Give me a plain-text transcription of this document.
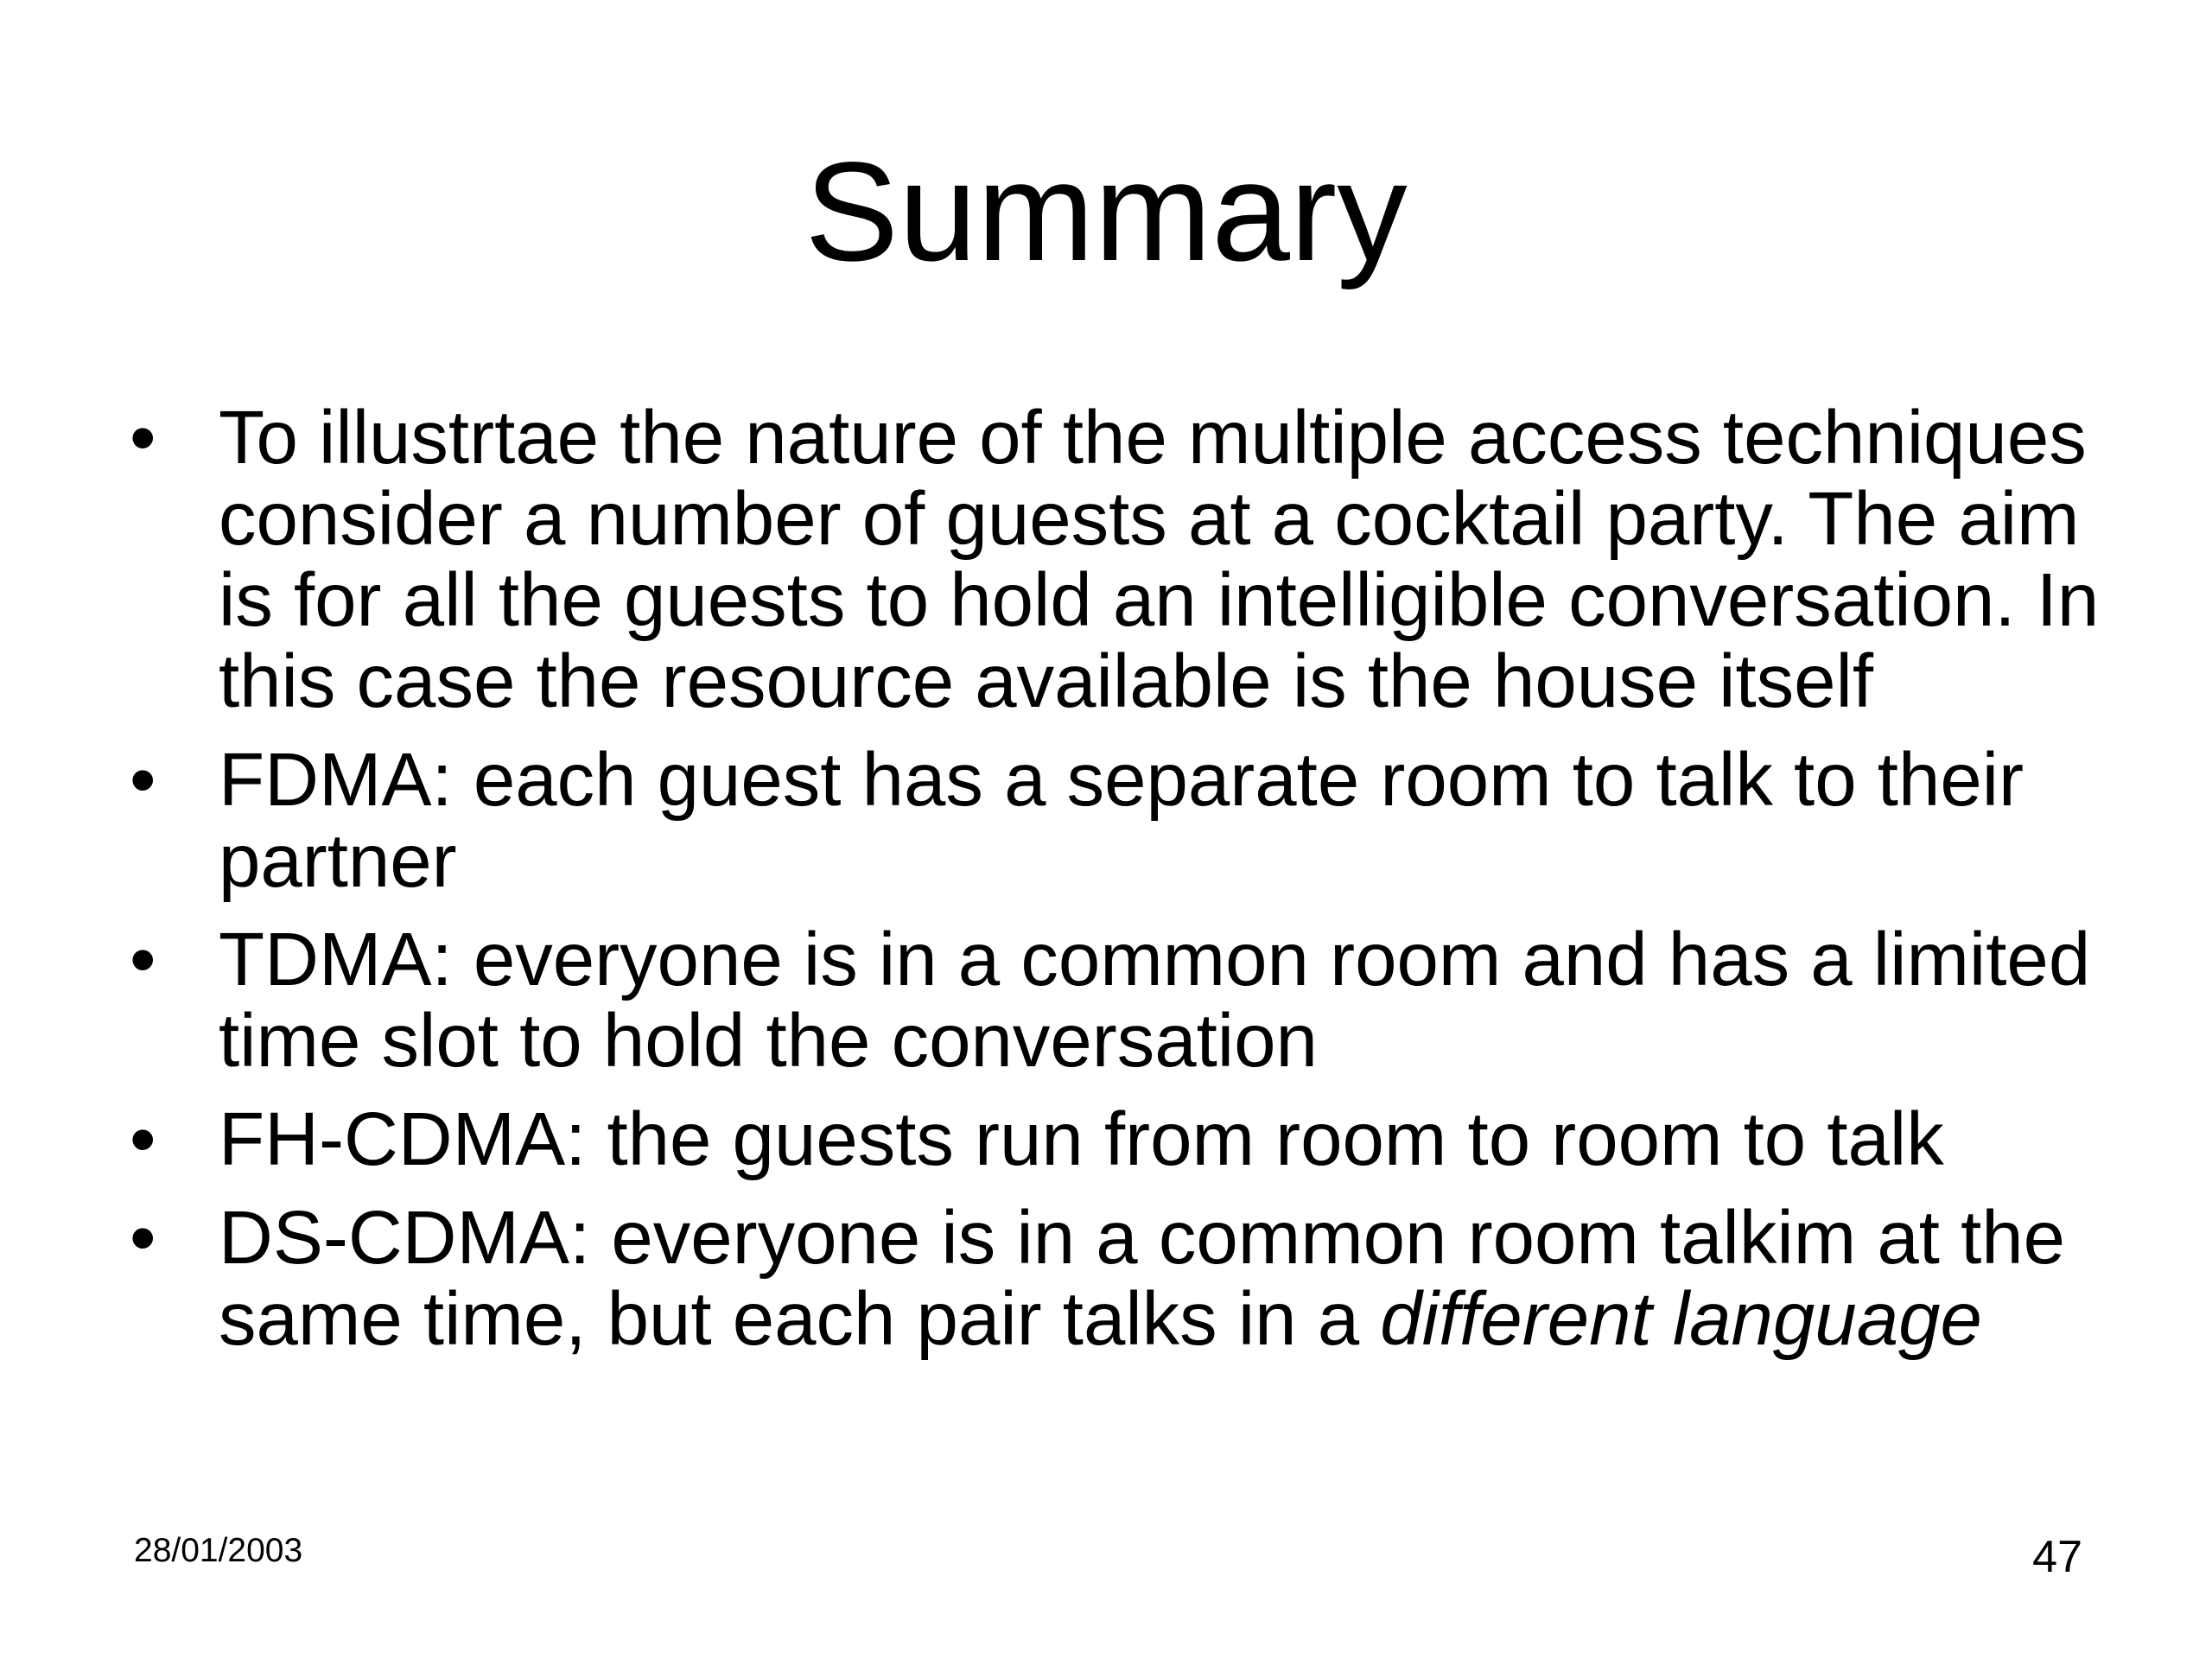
Summary
• To illustrtae the nature of the multiple access techniques consider a number of guests at a cocktail party. The aim is for all the guests to hold an intelligible conversation. In this case the resource available is the house itself
• FDMA: each guest has a separate room to talk to their partner
• TDMA: everyone is in a common room and has a limited time slot to hold the conversation
• FH-CDMA: the guests run from room to room to talk
• DS-CDMA: everyone is in a common room talkim at the same time, but each pair talks in a different language
28/01/2003	47
